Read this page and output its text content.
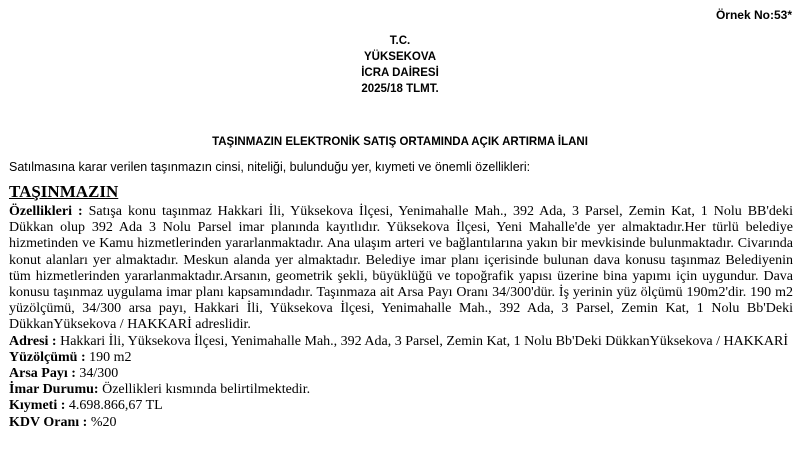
Örnek No:53*
T.C.
YÜKSEKOVA
İCRA DAİRESİ
2025/18 TLMT.
TAŞINMAZIN ELEKTRONİK SATIŞ ORTAMINDA AÇIK ARTIRMA İLANI
Satılmasına karar verilen taşınmazın cinsi, niteliği, bulunduğu yer, kıymeti ve önemli özellikleri:
TAŞINMAZIN

Özellikleri : Satışa konu taşınmaz Hakkari İli, Yüksekova İlçesi, Yenimahalle Mah., 392 Ada, 3 Parsel, Zemin Kat, 1 Nolu BB'deki Dükkan olup 392 Ada 3 Nolu Parsel imar planında kayıtlıdır. Yüksekova İlçesi, Yeni Mahalle'de yer almaktadır.Her türlü belediye hizmetinden ve Kamu hizmetlerinden yararlanmaktadır. Ana ulaşım arteri ve bağlantılarına yakın bir mevkisinde bulunmaktadır. Civarında konut alanları yer almaktadır. Meskun alanda yer almaktadır. Belediye imar planı içerisinde bulunan dava konusu taşınmaz Belediyenin tüm hizmetlerinden yararlanmaktadır.Arsanın, geometrik şekli, büyüklüğü ve topoğrafik yapısı üzerine bina yapımı için uygundur. Dava konusu taşınmaz uygulama imar planı kapsamındadır. Taşınmaza ait Arsa Payı Oranı 34/300'dür. İş yerinin yüz ölçümü 190m2'dir. 190 m2 yüzölçümü, 34/300 arsa payı, Hakkari İli, Yüksekova İlçesi, Yenimahalle Mah., 392 Ada, 3 Parsel, Zemin Kat, 1 Nolu Bb'Deki DükkanYüksekova / HAKKARİ adreslidir.

Adresi : Hakkari İli, Yüksekova İlçesi, Yenimahalle Mah., 392 Ada, 3 Parsel, Zemin Kat, 1 Nolu Bb'Deki DükkanYüksekova / HAKKARİ

Yüzölçümü : 190 m2

Arsa Payı : 34/300

İmar Durumu: Özellikleri kısmında belirtilmektedir.

Kıymeti : 4.698.866,67 TL

KDV Oranı : %20
